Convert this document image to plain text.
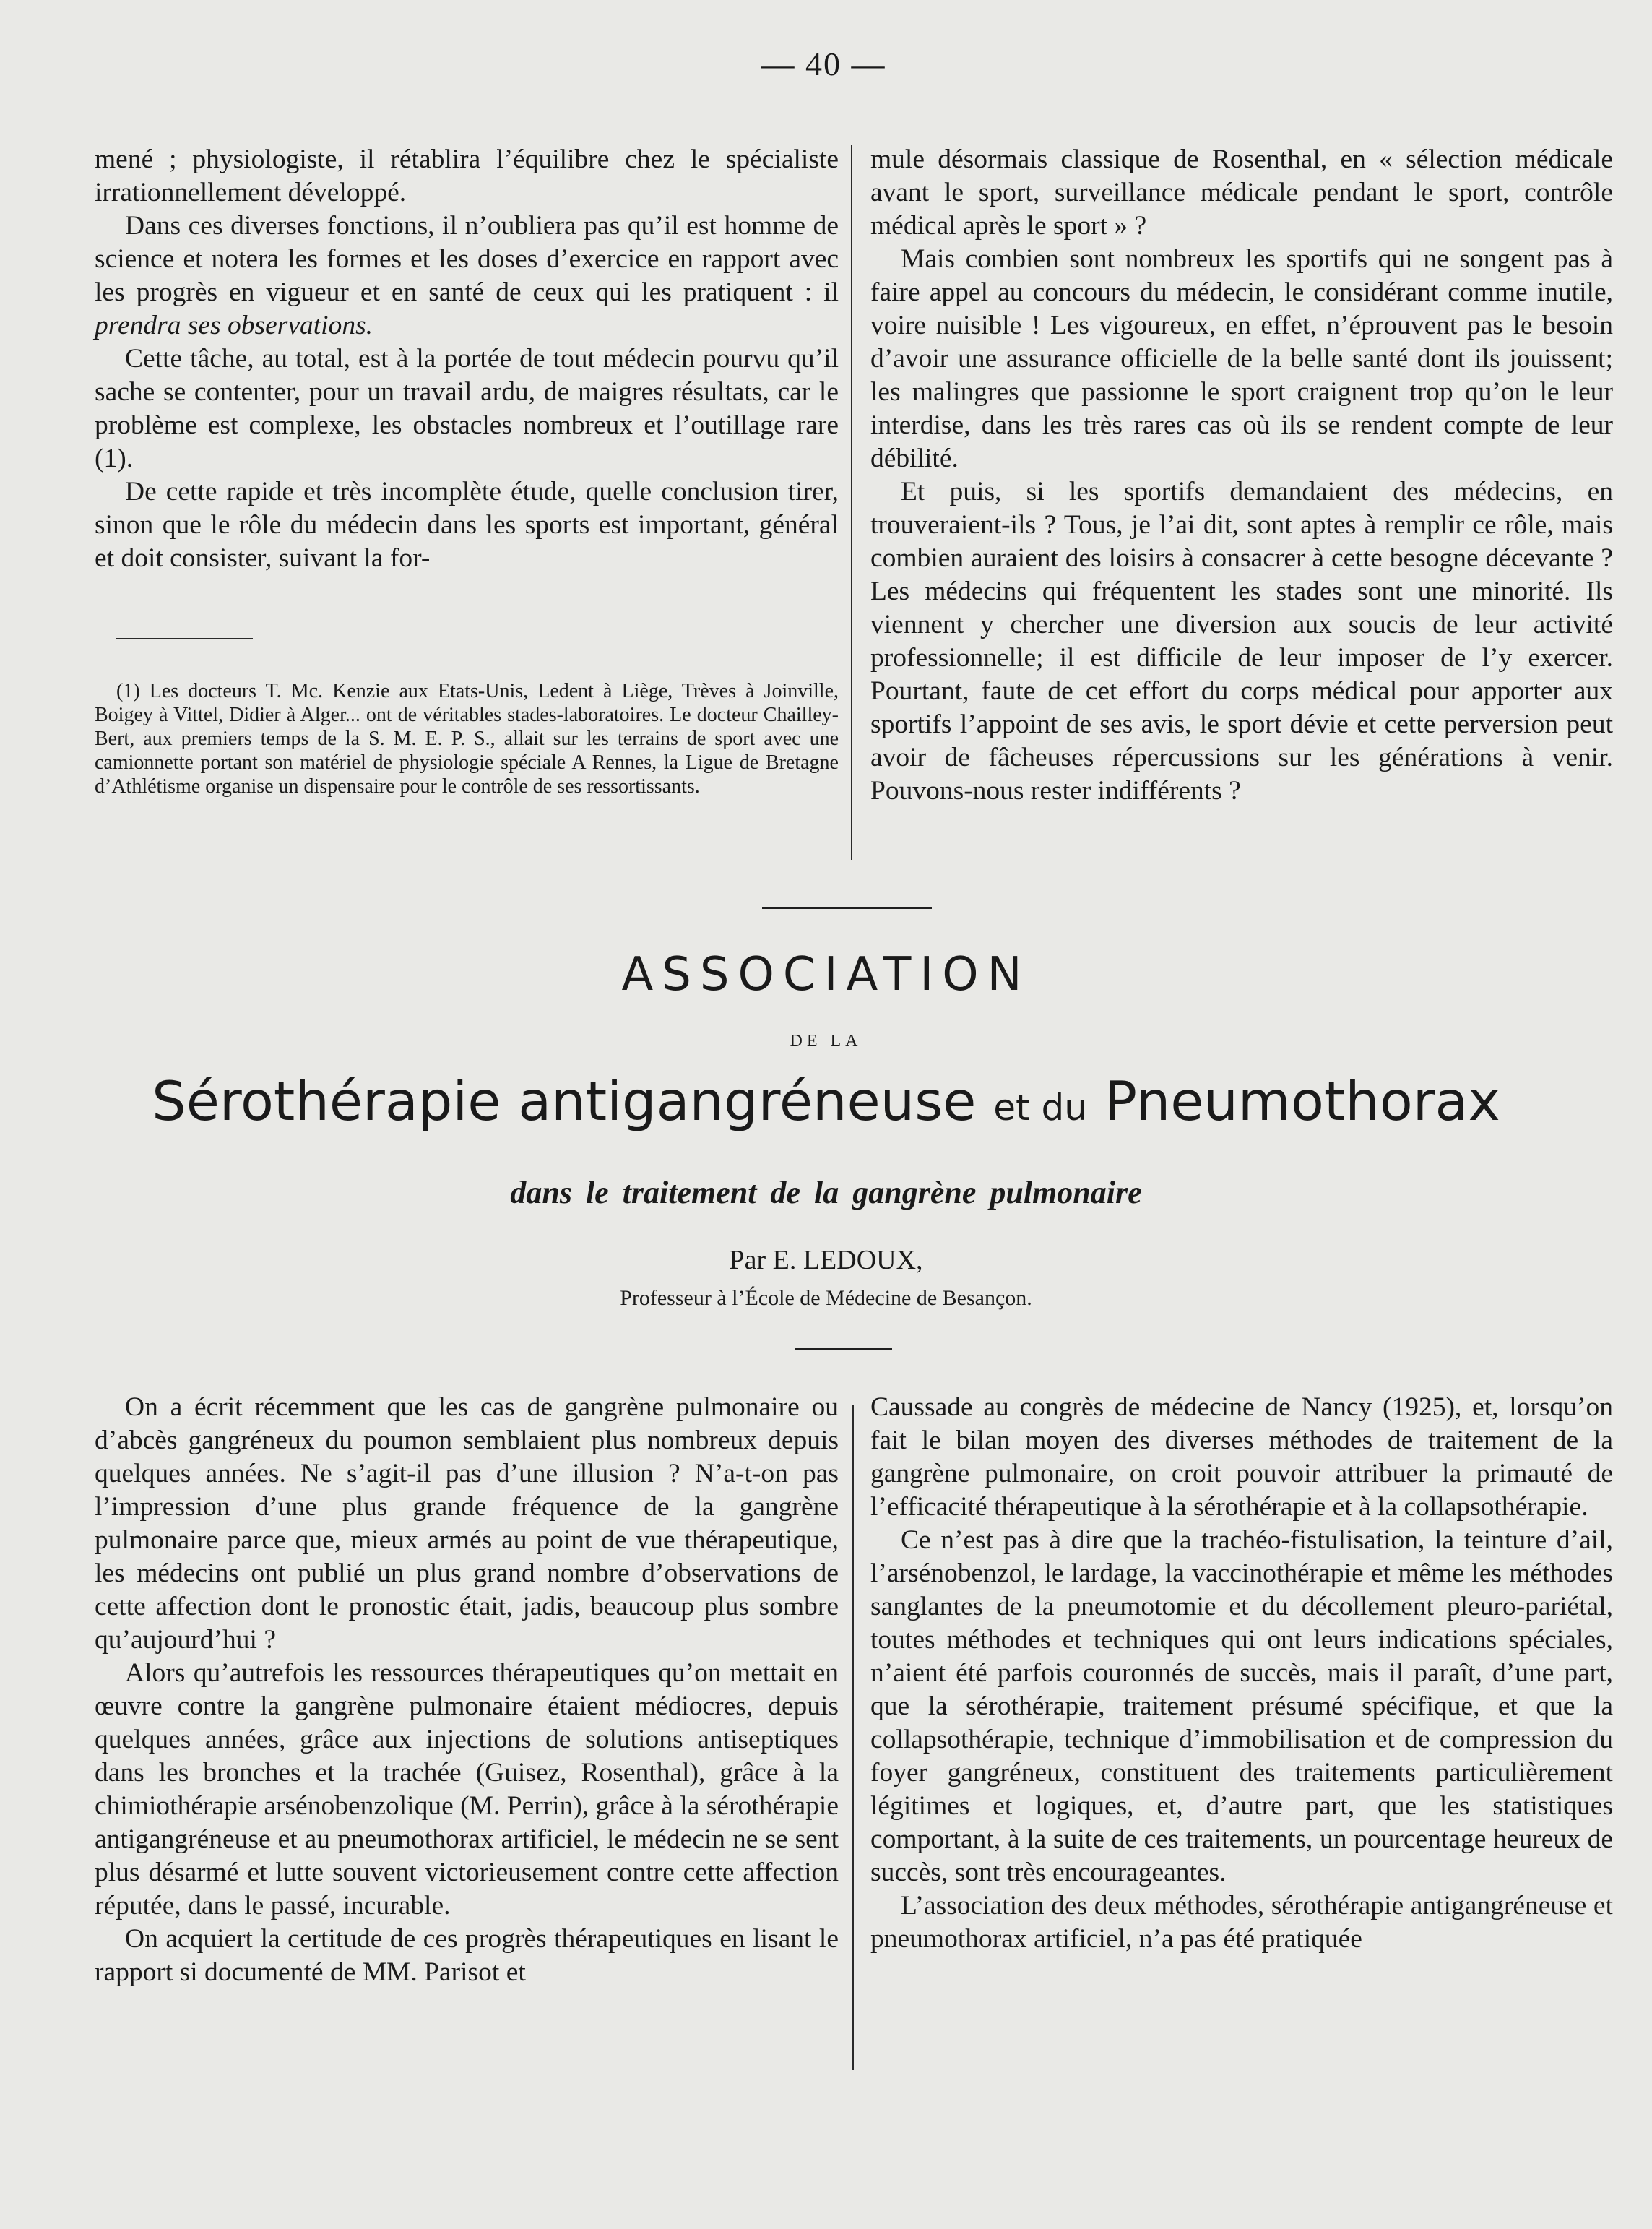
— 40 —

mené ; physiologiste, il rétablira l’équilibre chez le spécialiste irrationnellement développé.

Dans ces diverses fonctions, il n’oubliera pas qu’il est homme de science et notera les formes et les doses d’exercice en rapport avec les progrès en vigueur et en santé de ceux qui les pratiquent : il prendra ses observations.

Cette tâche, au total, est à la portée de tout médecin pourvu qu’il sache se contenter, pour un travail ardu, de maigres résultats, car le problème est complexe, les obstacles nombreux et l’outillage rare (1).

De cette rapide et très incomplète étude, quelle conclusion tirer, sinon que le rôle du médecin dans les sports est important, général et doit consister, suivant la for-

(1) Les docteurs T. Mc. Kenzie aux Etats-Unis, Ledent à Liège, Trèves à Joinville, Boigey à Vittel, Didier à Alger... ont de véritables stades-laboratoires. Le docteur Chailley-Bert, aux premiers temps de la S. M. E. P. S., allait sur les terrains de sport avec une camionnette portant son matériel de physiologie spéciale A Rennes, la Ligue de Bretagne d’Athlétisme organise un dispensaire pour le contrôle de ses ressortissants.

mule désormais classique de Rosenthal, en « sélection médicale avant le sport, surveillance médicale pendant le sport, contrôle médical après le sport » ?

Mais combien sont nombreux les sportifs qui ne songent pas à faire appel au concours du médecin, le considérant comme inutile, voire nuisible ! Les vigoureux, en effet, n’éprouvent pas le besoin d’avoir une assurance officielle de la belle santé dont ils jouissent; les malingres que passionne le sport craignent trop qu’on le leur interdise, dans les très rares cas où ils se rendent compte de leur débilité.

Et puis, si les sportifs demandaient des médecins, en trouveraient-ils ? Tous, je l’ai dit, sont aptes à remplir ce rôle, mais combien auraient des loisirs à consacrer à cette besogne décevante ? Les médecins qui fréquentent les stades sont une minorité. Ils viennent y chercher une diversion aux soucis de leur activité professionnelle; il est difficile de leur imposer de l’y exercer. Pourtant, faute de cet effort du corps médical pour apporter aux sportifs l’appoint de ses avis, le sport dévie et cette perversion peut avoir de fâcheuses répercussions sur les générations à venir. Pouvons-nous rester indifférents ?

ASSOCIATION
DE LA
Sérothérapie antigangréneuse et du Pneumothorax
dans le traitement de la gangrène pulmonaire
Par E. LEDOUX,
Professeur à l’École de Médecine de Besançon.

On a écrit récemment que les cas de gangrène pulmonaire ou d’abcès gangréneux du poumon semblaient plus nombreux depuis quelques années. Ne s’agit-il pas d’une illusion ? N’a-t-on pas l’impression d’une plus grande fréquence de la gangrène pulmonaire parce que, mieux armés au point de vue thérapeutique, les médecins ont publié un plus grand nombre d’observations de cette affection dont le pronostic était, jadis, beaucoup plus sombre qu’aujourd’hui ?

Alors qu’autrefois les ressources thérapeutiques qu’on mettait en œuvre contre la gangrène pulmonaire étaient médiocres, depuis quelques années, grâce aux injections de solutions antiseptiques dans les bronches et la trachée (Guisez, Rosenthal), grâce à la chimiothérapie arsénobenzolique (M. Perrin), grâce à la sérothérapie antigangréneuse et au pneumothorax artificiel, le médecin ne se sent plus désarmé et lutte souvent victorieusement contre cette affection réputée, dans le passé, incurable.

On acquiert la certitude de ces progrès thérapeutiques en lisant le rapport si documenté de MM. Parisot et

Caussade au congrès de médecine de Nancy (1925), et, lorsqu’on fait le bilan moyen des diverses méthodes de traitement de la gangrène pulmonaire, on croit pouvoir attribuer la primauté de l’efficacité thérapeutique à la sérothérapie et à la collapsothérapie.

Ce n’est pas à dire que la trachéo-fistulisation, la teinture d’ail, l’arsénobenzol, le lardage, la vaccinothérapie et même les méthodes sanglantes de la pneumotomie et du décollement pleuro-pariétal, toutes méthodes et techniques qui ont leurs indications spéciales, n’aient été parfois couronnés de succès, mais il paraît, d’une part, que la sérothérapie, traitement présumé spécifique, et que la collapsothérapie, technique d’immobilisation et de compression du foyer gangréneux, constituent des traitements particulièrement légitimes et logiques, et, d’autre part, que les statistiques comportant, à la suite de ces traitements, un pourcentage heureux de succès, sont très encourageantes.

L’association des deux méthodes, sérothérapie antigangréneuse et pneumothorax artificiel, n’a pas été pratiquée
